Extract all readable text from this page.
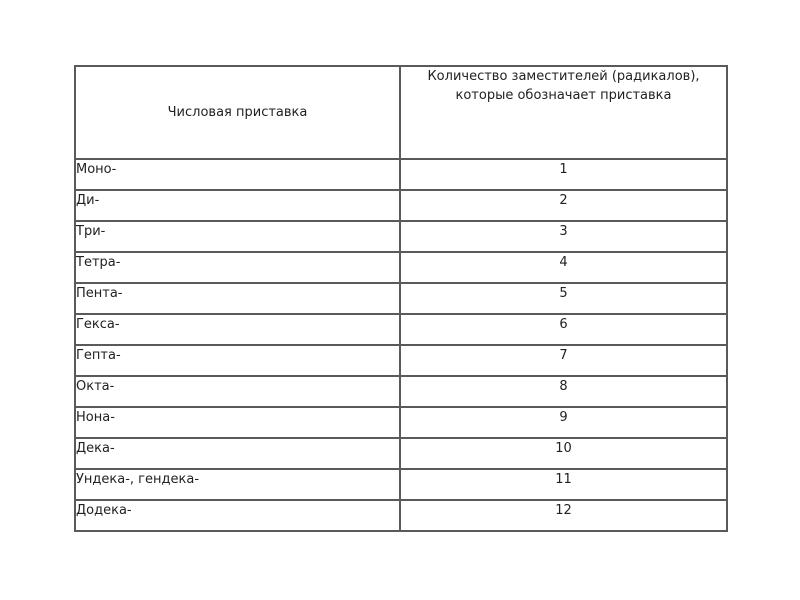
Числовая приставка	Количество заместителей (радикалов),
которые обозначает приставка
Моно-	1
Ди-	2
Три-	3
Тетра-	4
Пента-	5
Гекса-	6
Гепта-	7
Окта-	8
Нона-	9
Дека-	10
Ундека-, гендека-	11
Додека-	12
